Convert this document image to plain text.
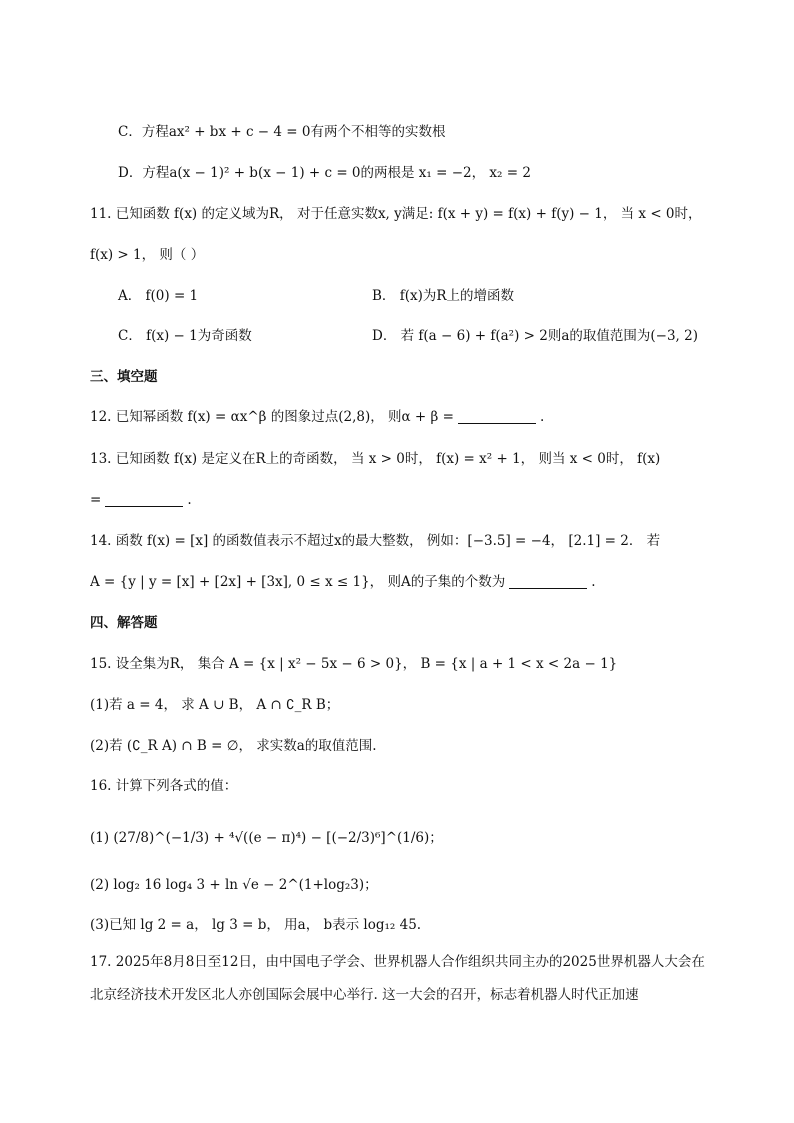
C．方程ax² + bx + c − 4 = 0有两个不相等的实数根
D．方程a(x − 1)² + b(x − 1) + c = 0的两根是 x₁ = −2， x₂ = 2
11. 已知函数 f(x) 的定义域为R， 对于任意实数x, y满足: f(x + y) = f(x) + f(y) − 1， 当 x < 0时，
f(x) > 1， 则（ ）
A． f(0) = 1	B． f(x)为R上的增函数
C． f(x) − 1为奇函数	D． 若 f(a − 6) + f(a²) > 2则a的取值范围为(−3, 2)
三、填空题
12. 已知幂函数 f(x) = αx^β 的图象过点(2,8)， 则α + β =	.
13. 已知函数 f(x) 是定义在R上的奇函数， 当 x > 0时， f(x) = x² + 1， 则当 x < 0时， f(x)
=	.
14. 函数 f(x) = [x] 的函数值表示不超过x的最大整数， 例如：[−3.5] = −4， [2.1] = 2． 若
A = {y | y = [x] + [2x] + [3x], 0 ≤ x ≤ 1}， 则A的子集的个数为	.
四、解答题
15. 设全集为R， 集合 A = {x | x² − 5x − 6 > 0}， B = {x | a + 1 < x < 2a − 1}
(1)若 a = 4， 求 A ∪ B， A ∩ ∁_R B；
(2)若 (∁_R A) ∩ B = ∅， 求实数a的取值范围.
16. 计算下列各式的值：
(1) (27/8)^(−1/3) + ⁴√((e − π)⁴) − [(−2/3)⁶]^(1/6)；
(2) log₂ 16 log₄ 3 + ln √e − 2^(1+log₂3)；
(3)已知 lg 2 = a， lg 3 = b， 用a， b表示 log₁₂ 45.
17. 2025年8月8日至12日，由中国电子学会、世界机器人合作组织共同主办的2025世界机器人大会在北京经济技术开发区北人亦创国际会展中心举行. 这一大会的召开，标志着机器人时代正加速
